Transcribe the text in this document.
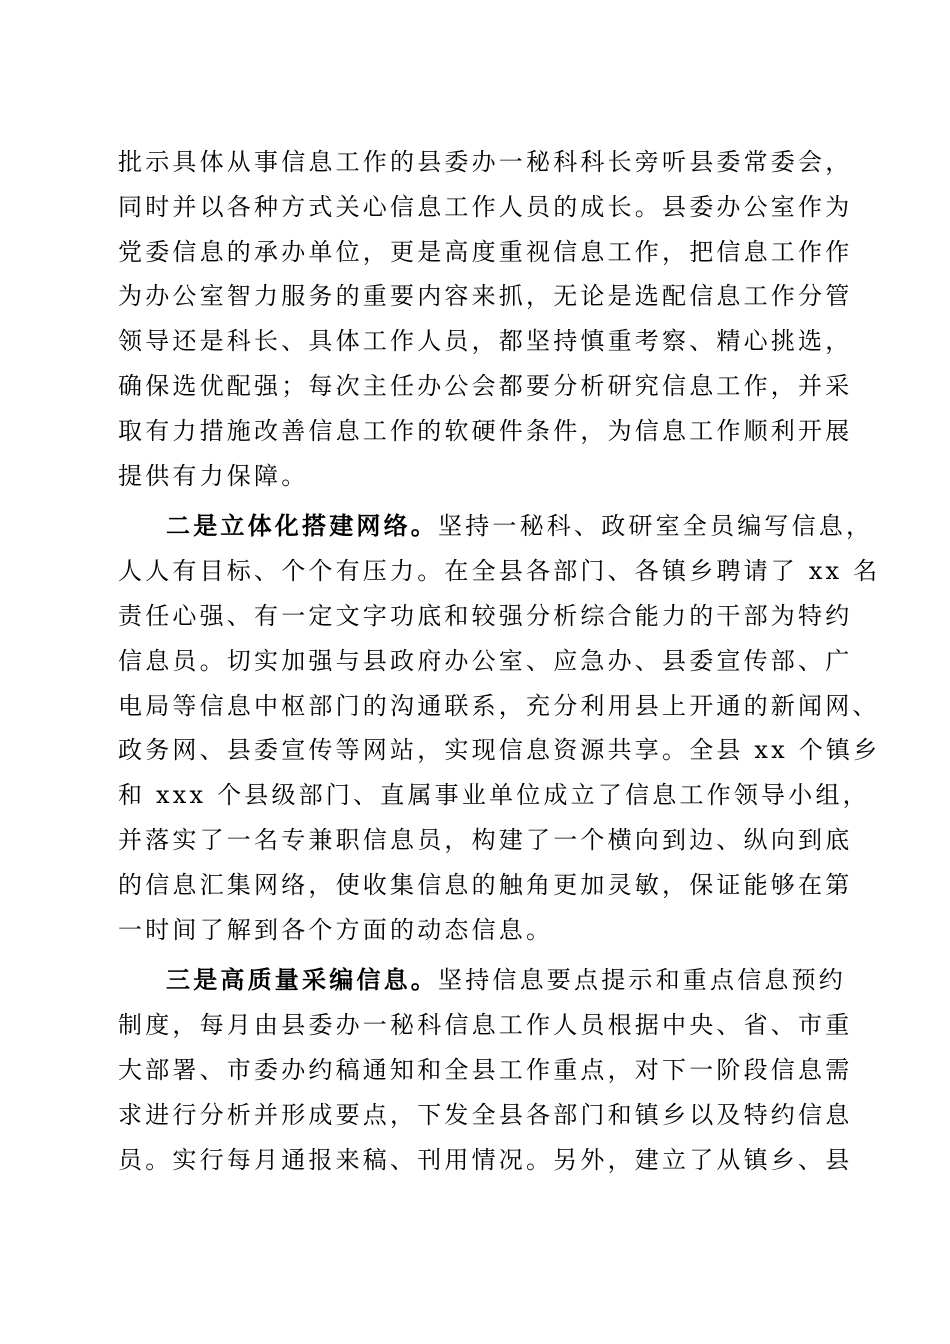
批示具体从事信息工作的县委办一秘科科长旁听县委常委会，
同时并以各种方式关心信息工作人员的成长。县委办公室作为
党委信息的承办单位，更是高度重视信息工作，把信息工作作
为办公室智力服务的重要内容来抓，无论是选配信息工作分管
领导还是科长、具体工作人员，都坚持慎重考察、精心挑选，
确保选优配强；每次主任办公会都要分析研究信息工作，并采
取有力措施改善信息工作的软硬件条件，为信息工作顺利开展
提供有力保障。
二是立体化搭建网络。坚持一秘科、政研室全员编写信息，
人人有目标、个个有压力。在全县各部门、各镇乡聘请了 xx 名
责任心强、有一定文字功底和较强分析综合能力的干部为特约
信息员。切实加强与县政府办公室、应急办、县委宣传部、广
电局等信息中枢部门的沟通联系，充分利用县上开通的新闻网、
政务网、县委宣传等网站，实现信息资源共享。全县 xx 个镇乡
和 xxx 个县级部门、直属事业单位成立了信息工作领导小组，
并落实了一名专兼职信息员，构建了一个横向到边、纵向到底
的信息汇集网络，使收集信息的触角更加灵敏，保证能够在第
一时间了解到各个方面的动态信息。
三是高质量采编信息。坚持信息要点提示和重点信息预约
制度，每月由县委办一秘科信息工作人员根据中央、省、市重
大部署、市委办约稿通知和全县工作重点，对下一阶段信息需
求进行分析并形成要点，下发全县各部门和镇乡以及特约信息
员。实行每月通报来稿、刊用情况。另外，建立了从镇乡、县
